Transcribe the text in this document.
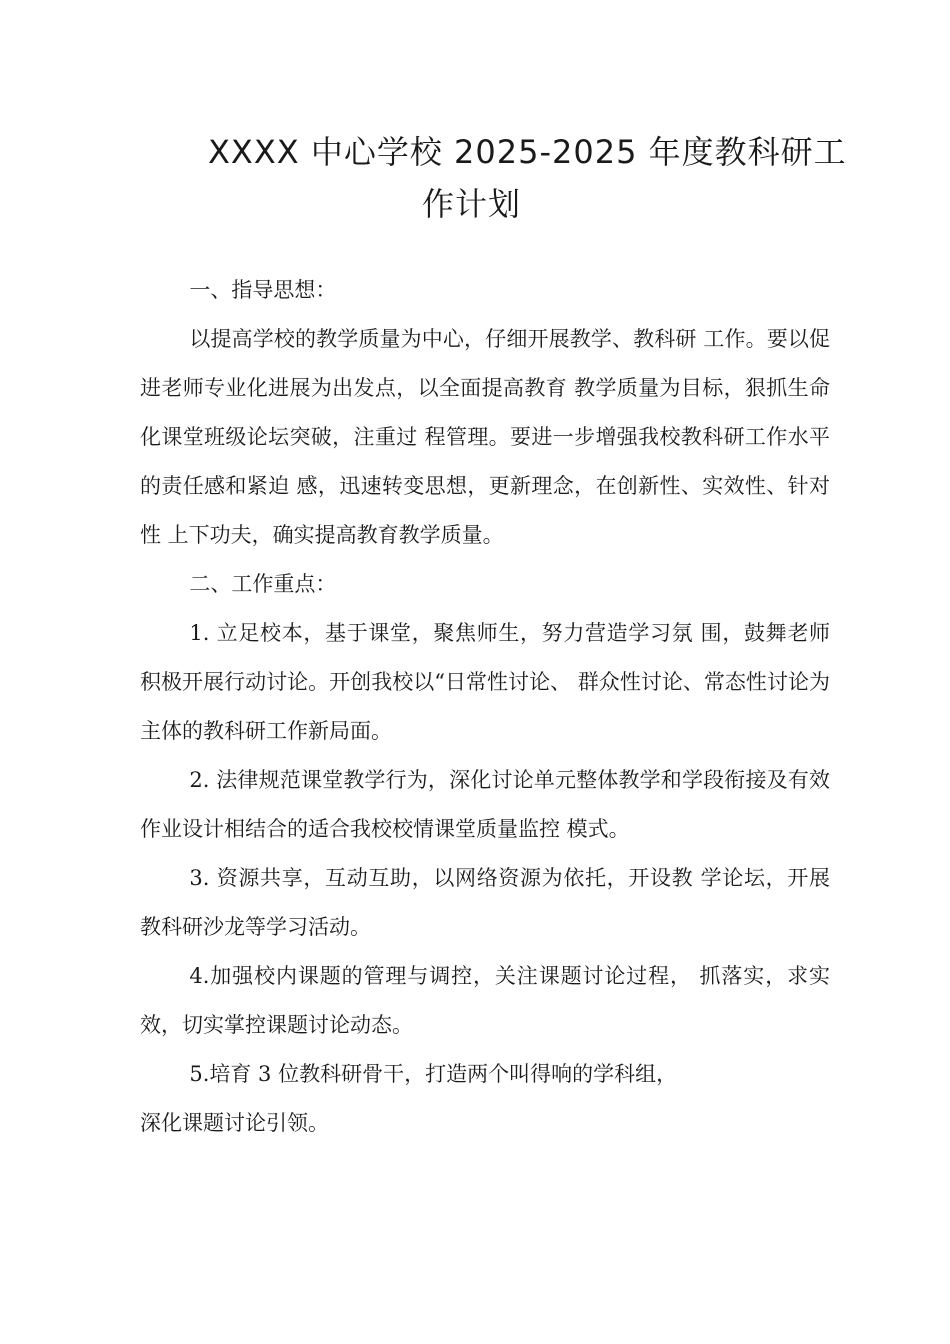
XXXX 中心学校 2025-2025 年度教科研工
作计划

一、指导思想：

以提高学校的教学质量为中心，仔细开展教学、教科研 工作。要以促进老师专业化进展为出发点，以全面提高教育 教学质量为目标，狠抓生命化课堂班级论坛突破，注重过 程管理。要进一步增强我校教科研工作水平的责任感和紧迫 感，迅速转变思想，更新理念，在创新性、实效性、针对性 上下功夫，确实提高教育教学质量。

二、工作重点：

1. 立足校本，基于课堂，聚焦师生，努力营造学习氛 围，鼓舞老师积极开展行动讨论。开创我校以“日常性讨论、 群众性讨论、常态性讨论为主体的教科研工作新局面。

2. 法律规范课堂教学行为，深化讨论单元整体教学和学段衔接及有效作业设计相结合的适合我校校情课堂质量监控 模式。

3. 资源共享，互动互助，以网络资源为依托，开设教 学论坛，开展教科研沙龙等学习活动。

4.加强校内课题的管理与调控，关注课题讨论过程， 抓落实，求实效，切实掌控课题讨论动态。

5.培育 3 位教科研骨干，打造两个叫得响的学科组，

深化课题讨论引领。
